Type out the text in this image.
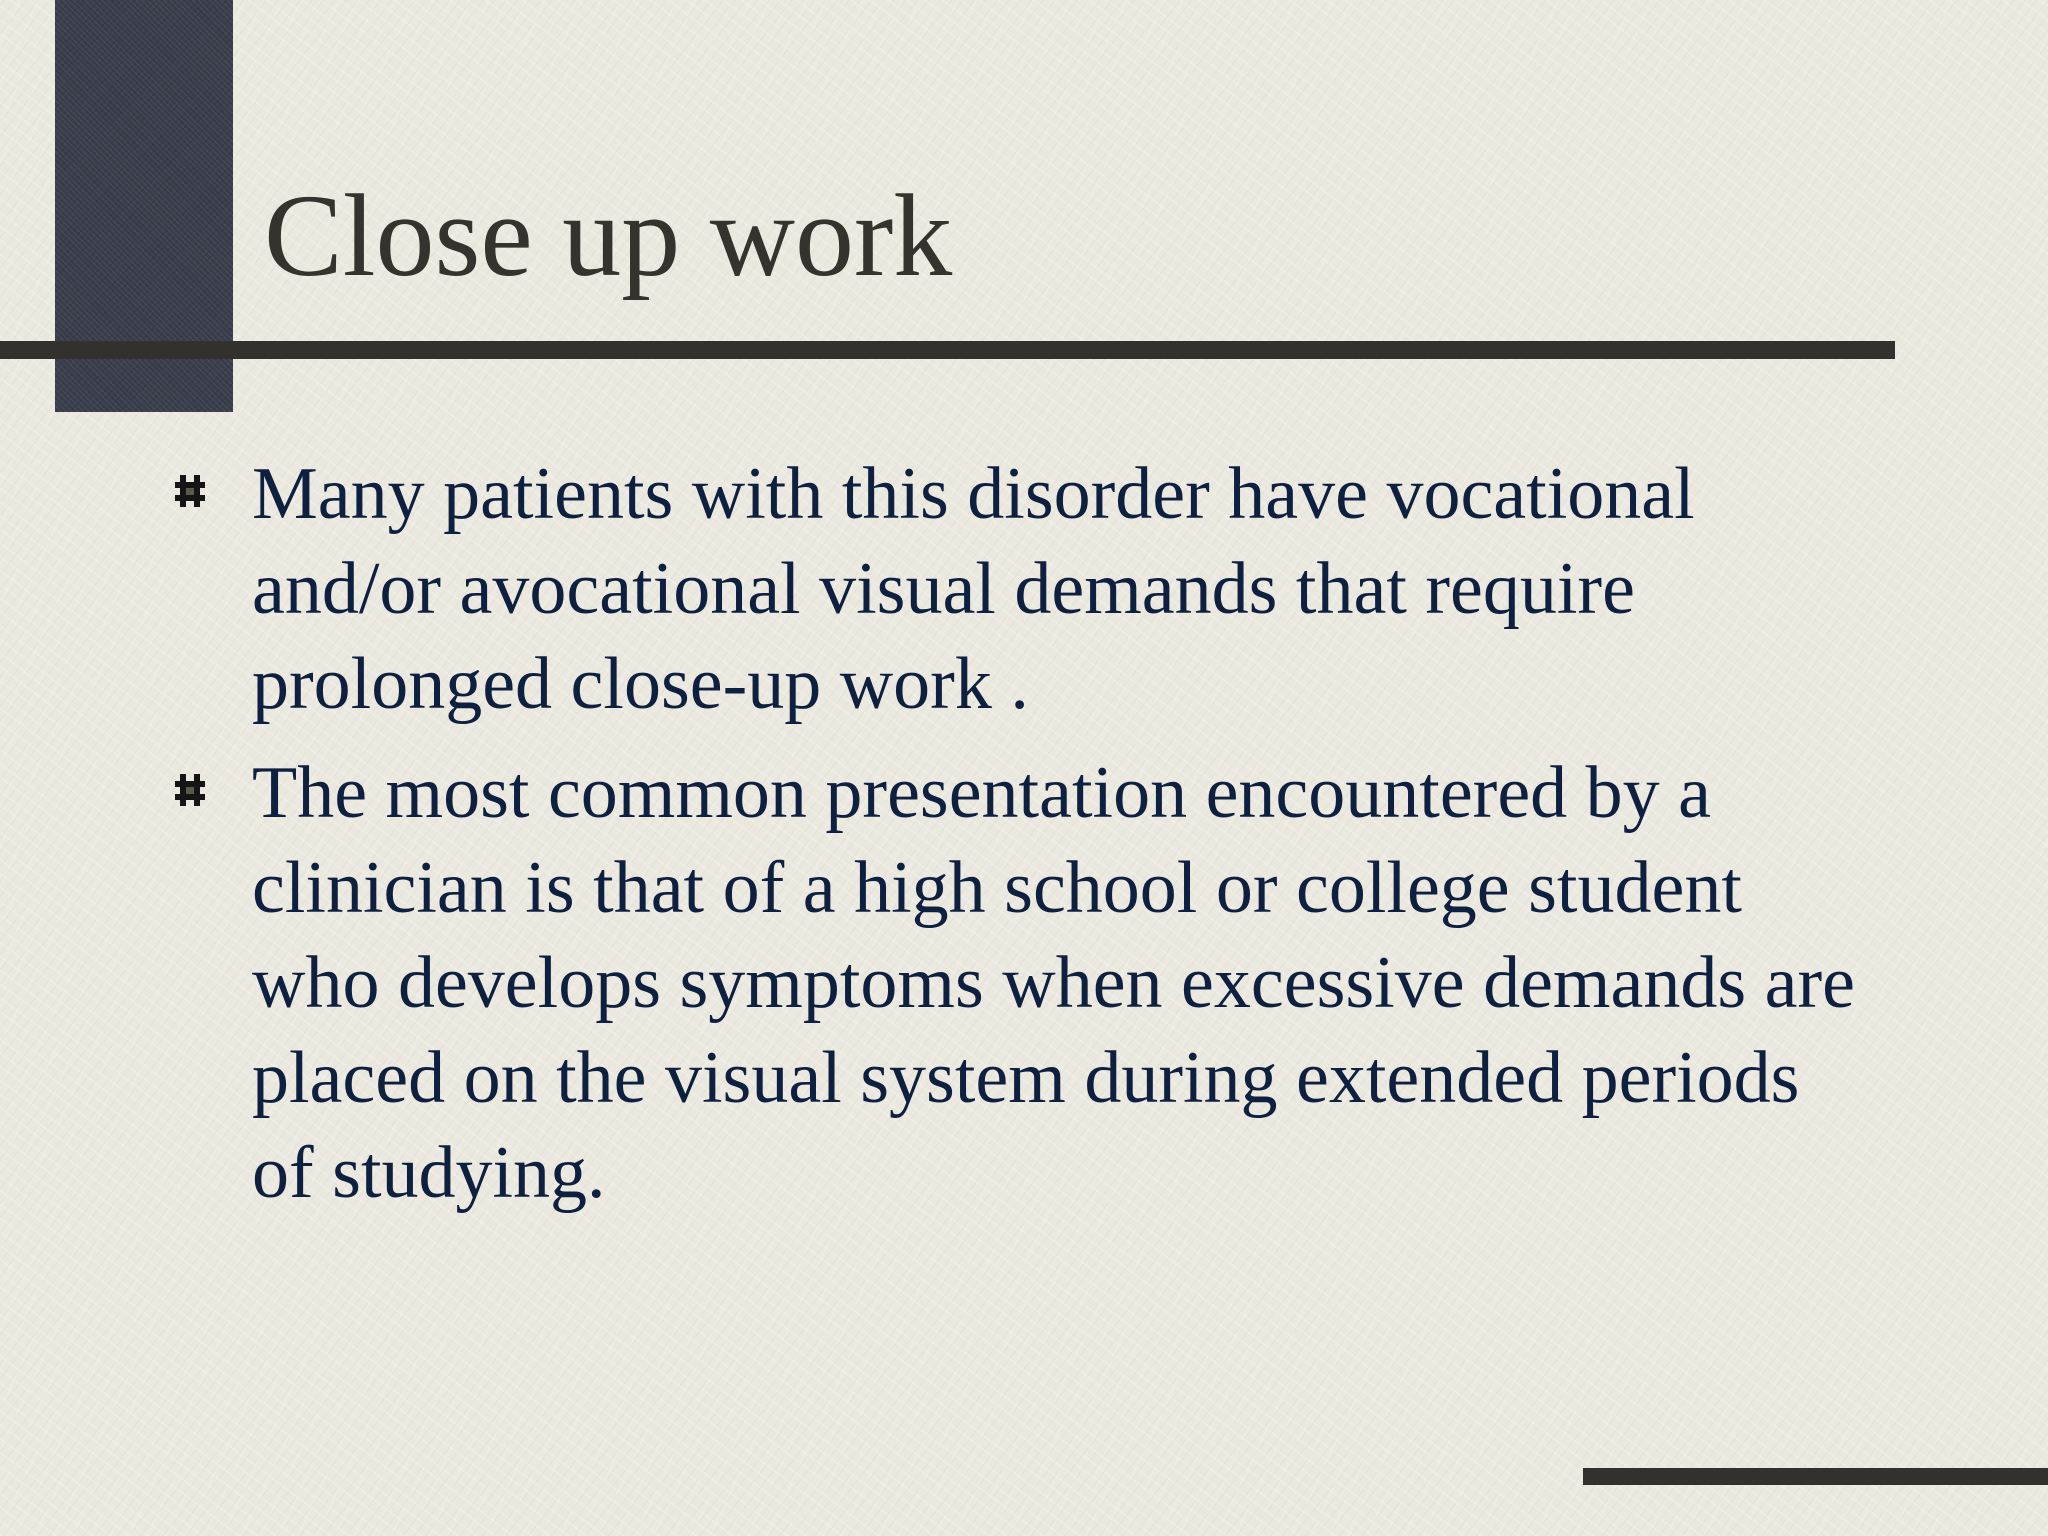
Close up work
Many patients with this disorder have vocational and/or avocational visual demands that require prolonged close-up work .
The most common presentation encountered by a clinician is that of a high school or college student who develops symptoms when excessive demands are placed on the visual system during extended periods of studying.
